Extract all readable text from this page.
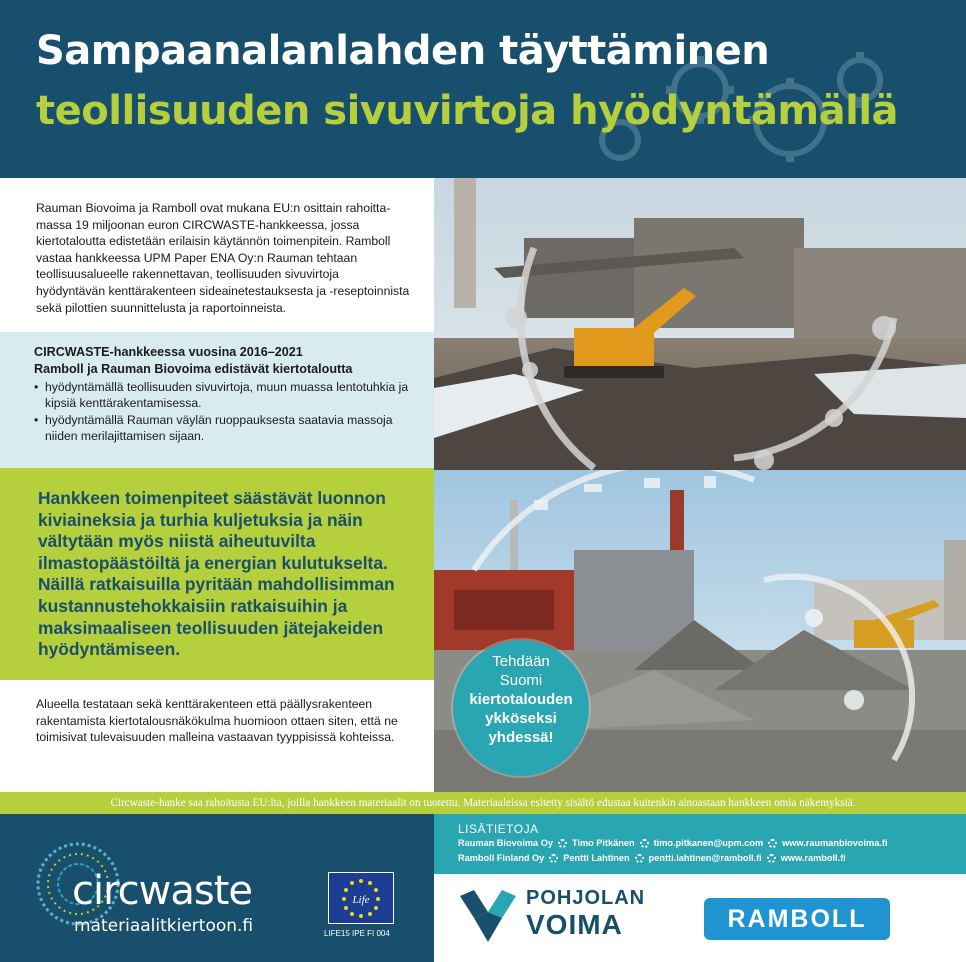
Sampaanalanlahden täyttäminen
teollisuuden sivuvirtoja hyödyntämällä
Rauman Biovoima ja Ramboll ovat mukana EU:n osittain rahoitta-massa 19 miljoonan euron CIRCWASTE-hankkeessa, jossa kiertotaloutta edistetään erilaisin käytännön toimenpitein. Ramboll vastaa hankkeessa UPM Paper ENA Oy:n Rauman tehtaan teollisuusalueelle rakennettavan, teollisuuden sivuvirtoja hyödyntävän kenttärakenteen sideainetestauksesta ja -reseptoinnista sekä pilottien suunnittelusta ja raportoinneista.
CIRCWASTE-hankkeessa vuosina 2016–2021
Ramboll ja Rauman Biovoima edistävät kiertotaloutta
• hyödyntämällä teollisuuden sivuvirtoja, muun muassa lentotuhkia ja kipsiä kenttärakentamisessa.
• hyödyntämällä Rauman väylän ruoppauksesta saatavia massoja niiden merilajittamisen sijaan.

Hankkeen toimenpiteet säästävät luonnon kiviaineksia ja turhia kuljetuksia ja näin vältytään myös niistä aiheutuvilta ilmastopäästöiltä ja energian kulutukselta. Näillä ratkaisuilla pyritään mahdollisimman kustannustehokkaisiin ratkaisuihin ja maksimaaliseen teollisuuden jätejakeiden hyödyntämiseen.

Alueella testataan sekä kenttärakenteen että päällysrakenteen rakentamista kiertotalousnäkökulma huomioon ottaen siten, että ne toimisivat tulevaisuuden malleina vastaavan tyyppisissä kohteissa.
Tehdään
Suomi
kiertotalouden
ykköseksi
yhdessä!
Circwaste-hanke saa rahoitusta EU:lta, joilla hankkeen materiaalit on tuotettu. Materiaaleissa esitetty sisältö edustaa kuitenkin ainoastaan hankkeen omia näkemyksiä.
circwaste
materiaalitkiertoon.fi
Life
LIFE15 IPE FI 004
LISÄTIETOJA
Rauman Biovoima Oy Timo Pitkänen timo.pitkanen@upm.com www.raumanbiovoima.fi
Ramboll Finland Oy Pentti Lahtinen pentti.lahtinen@ramboll.fi www.ramboll.fi
POHJOLAN
VOIMA	RAMBOLL
